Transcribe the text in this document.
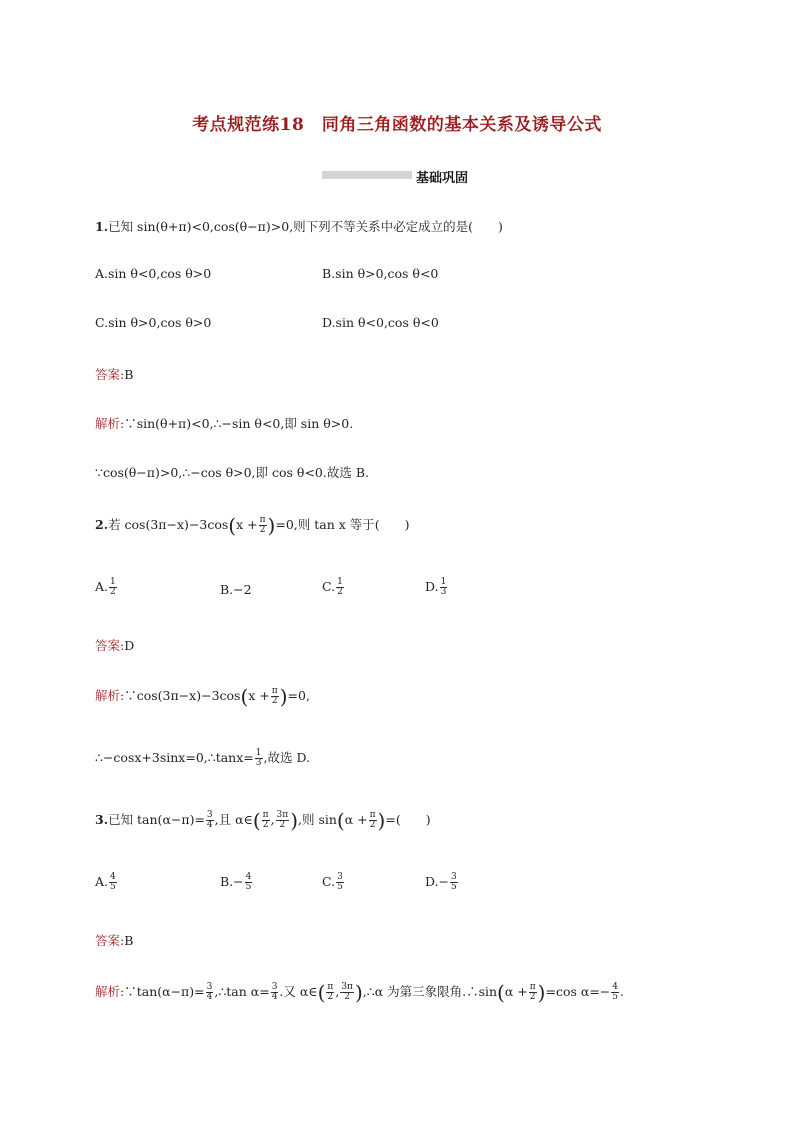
考点规范练18　同角三角函数的基本关系及诱导公式
基础巩固
1.已知 sin(θ+π)<0,cos(θ−π)>0,则下列不等关系中必定成立的是(　　)
A.sin θ<0,cos θ>0	B.sin θ>0,cos θ<0
C.sin θ>0,cos θ>0	D.sin θ<0,cos θ<0
答案:B
解析:∵sin(θ+π)<0,∴−sin θ<0,即 sin θ>0.
∵cos(θ−π)>0,∴−cos θ>0,即 cos θ<0.故选 B.
2.若 $\cos(3\pi-x)-3\cos(x + \frac{\pi}{2} )=0$,则 tan x 等于(　　)
A. $\frac{1}{2}$	B.−2	C. $\frac{1}{2}$	D. $\frac{1}{3}$
答案:D
解析:∵cos(3π−x)−3cos(x + $\frac{\pi}{2} )=0$,
∴−cosx+3sinx=0,∴tanx= $\frac{1}{3}$ ,故选 D.
3.已知 $\tan(\alpha-\pi)= \frac{3}{4}$ ,且 α∈( $\frac{\pi}{2}$ , $\frac{3\pi}{2}$ ),则 $\sin(\alpha + \frac{\pi}{2}$ )=(　　)
A. $\frac{4}{5}$	$B.- \frac{4}{5}$	C. $\frac{3}{5}$	$D.- \frac{3}{5}$
答案:B
解析:∵tan(α−π)= $\frac{3}{4}$ ,∴tan $\alpha= \frac{3}{4}$ .又 α∈( $\frac{\pi}{2}$ , $\frac{3\pi}{2}$ ),∴α 为第三象限角.∴sin(α + $\frac{\pi}{2} )=\cos$ $\alpha=- \frac{4}{5}$ .
